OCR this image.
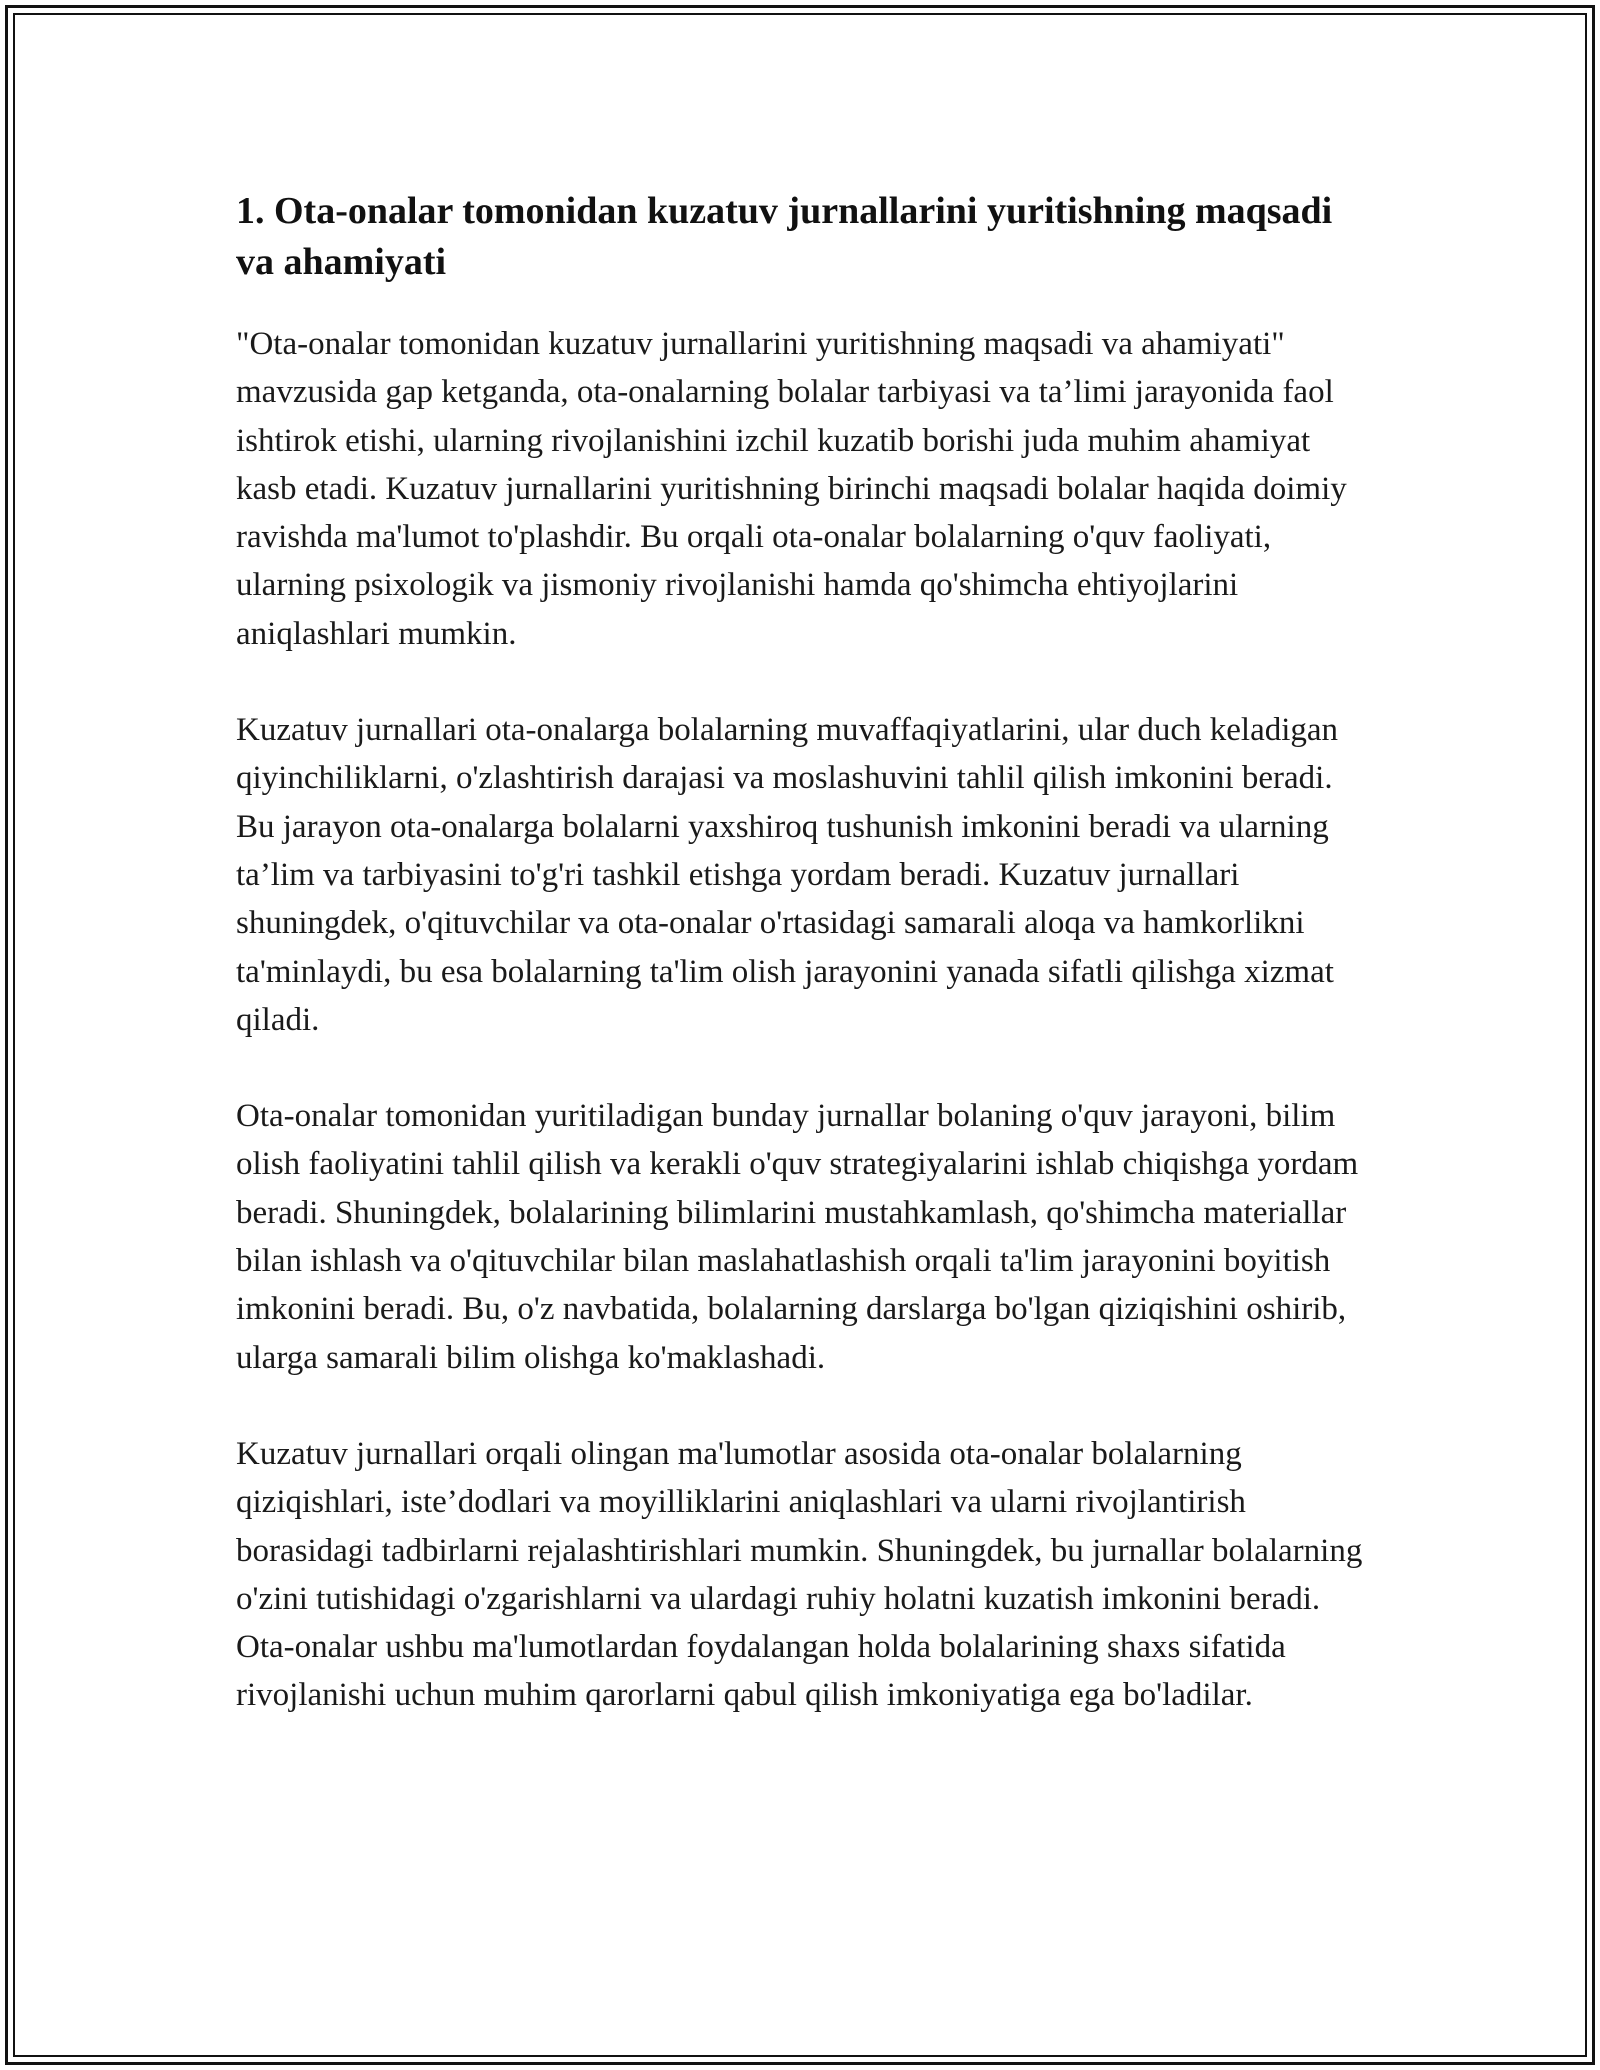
1. Ota-onalar tomonidan kuzatuv jurnallarini yuritishning maqsadi va ahamiyati

"Ota-onalar tomonidan kuzatuv jurnallarini yuritishning maqsadi va ahamiyati" mavzusida gap ketganda, ota-onalarning bolalar tarbiyasi va ta’limi jarayonida faol ishtirok etishi, ularning rivojlanishini izchil kuzatib borishi juda muhim ahamiyat kasb etadi. Kuzatuv jurnallarini yuritishning birinchi maqsadi bolalar haqida doimiy ravishda ma'lumot to'plashdir. Bu orqali ota-onalar bolalarning o'quv faoliyati, ularning psixologik va jismoniy rivojlanishi hamda qo'shimcha ehtiyojlarini aniqlashlari mumkin.

Kuzatuv jurnallari ota-onalarga bolalarning muvaffaqiyatlarini, ular duch keladigan qiyinchiliklarni, o'zlashtirish darajasi va moslashuvini tahlil qilish imkonini beradi. Bu jarayon ota-onalarga bolalarni yaxshiroq tushunish imkonini beradi va ularning ta’lim va tarbiyasini to'g'ri tashkil etishga yordam beradi. Kuzatuv jurnallari shuningdek, o'qituvchilar va ota-onalar o'rtasidagi samarali aloqa va hamkorlikni ta'minlaydi, bu esa bolalarning ta'lim olish jarayonini yanada sifatli qilishga xizmat qiladi.

Ota-onalar tomonidan yuritiladigan bunday jurnallar bolaning o'quv jarayoni, bilim olish faoliyatini tahlil qilish va kerakli o'quv strategiyalarini ishlab chiqishga yordam beradi. Shuningdek, bolalarining bilimlarini mustahkamlash, qo'shimcha materiallar bilan ishlash va o'qituvchilar bilan maslahatlashish orqali ta'lim jarayonini boyitish imkonini beradi. Bu, o'z navbatida, bolalarning darslarga bo'lgan qiziqishini oshirib, ularga samarali bilim olishga ko'maklashadi.

Kuzatuv jurnallari orqali olingan ma'lumotlar asosida ota-onalar bolalarning qiziqishlari, iste’dodlari va moyilliklarini aniqlashlari va ularni rivojlantirish borasidagi tadbirlarni rejalashtirishlari mumkin. Shuningdek, bu jurnallar bolalarning o'zini tutishidagi o'zgarishlarni va ulardagi ruhiy holatni kuzatish imkonini beradi. Ota-onalar ushbu ma'lumotlardan foydalangan holda bolalarining shaxs sifatida rivojlanishi uchun muhim qarorlarni qabul qilish imkoniyatiga ega bo'ladilar.
